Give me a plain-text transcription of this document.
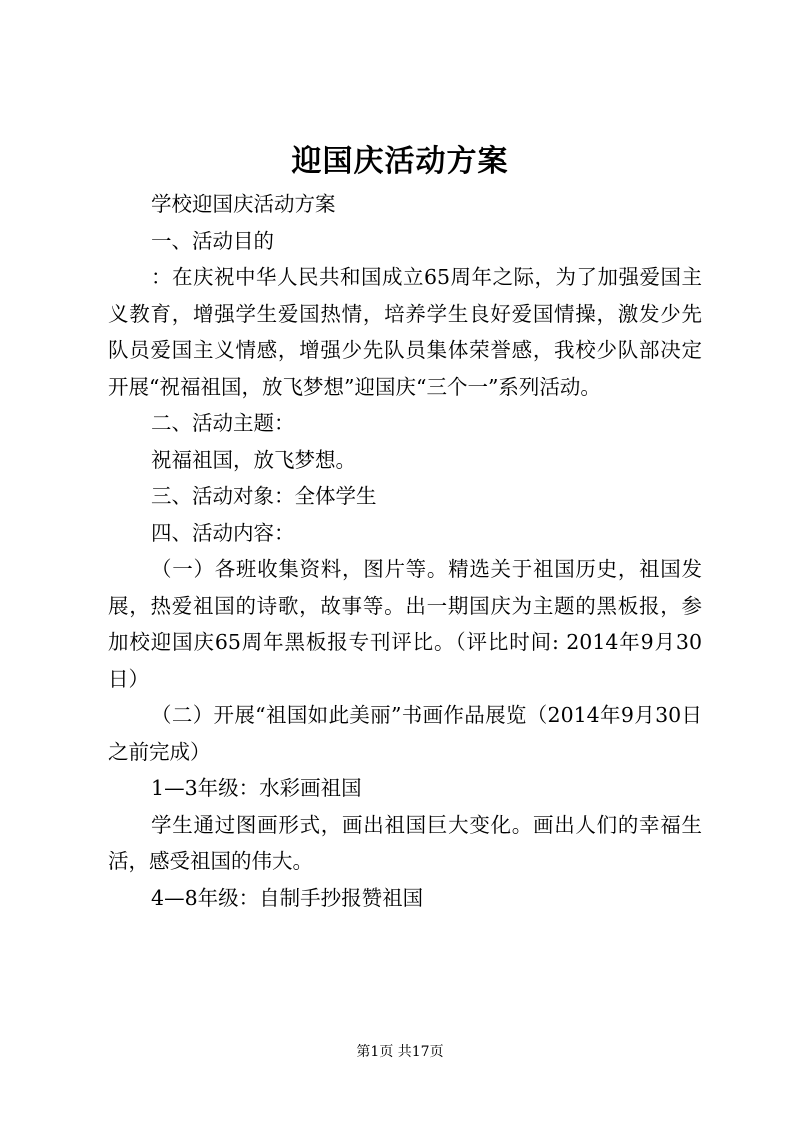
迎国庆活动方案

学校迎国庆活动方案

一、活动目的

：在庆祝中华人民共和国成立65周年之际，为了加强爱国主义教育，增强学生爱国热情，培养学生良好爱国情操，激发少先队员爱国主义情感，增强少先队员集体荣誉感，我校少队部决定开展“祝福祖国，放飞梦想”迎国庆“三个一”系列活动。

二、活动主题：

祝福祖国，放飞梦想。

三、活动对象：全体学生

四、活动内容：

（一）各班收集资料，图片等。精选关于祖国历史，祖国发展，热爱祖国的诗歌，故事等。出一期国庆为主题的黑板报，参加校迎国庆65周年黑板报专刊评比。（评比时间: 2014年9月30日）

（二）开展“祖国如此美丽”书画作品展览（2014年9月30日之前完成）

1—3年级：水彩画祖国

学生通过图画形式，画出祖国巨大变化。画出人们的幸福生活，感受祖国的伟大。

4—8年级：自制手抄报赞祖国

第1页 共17页
